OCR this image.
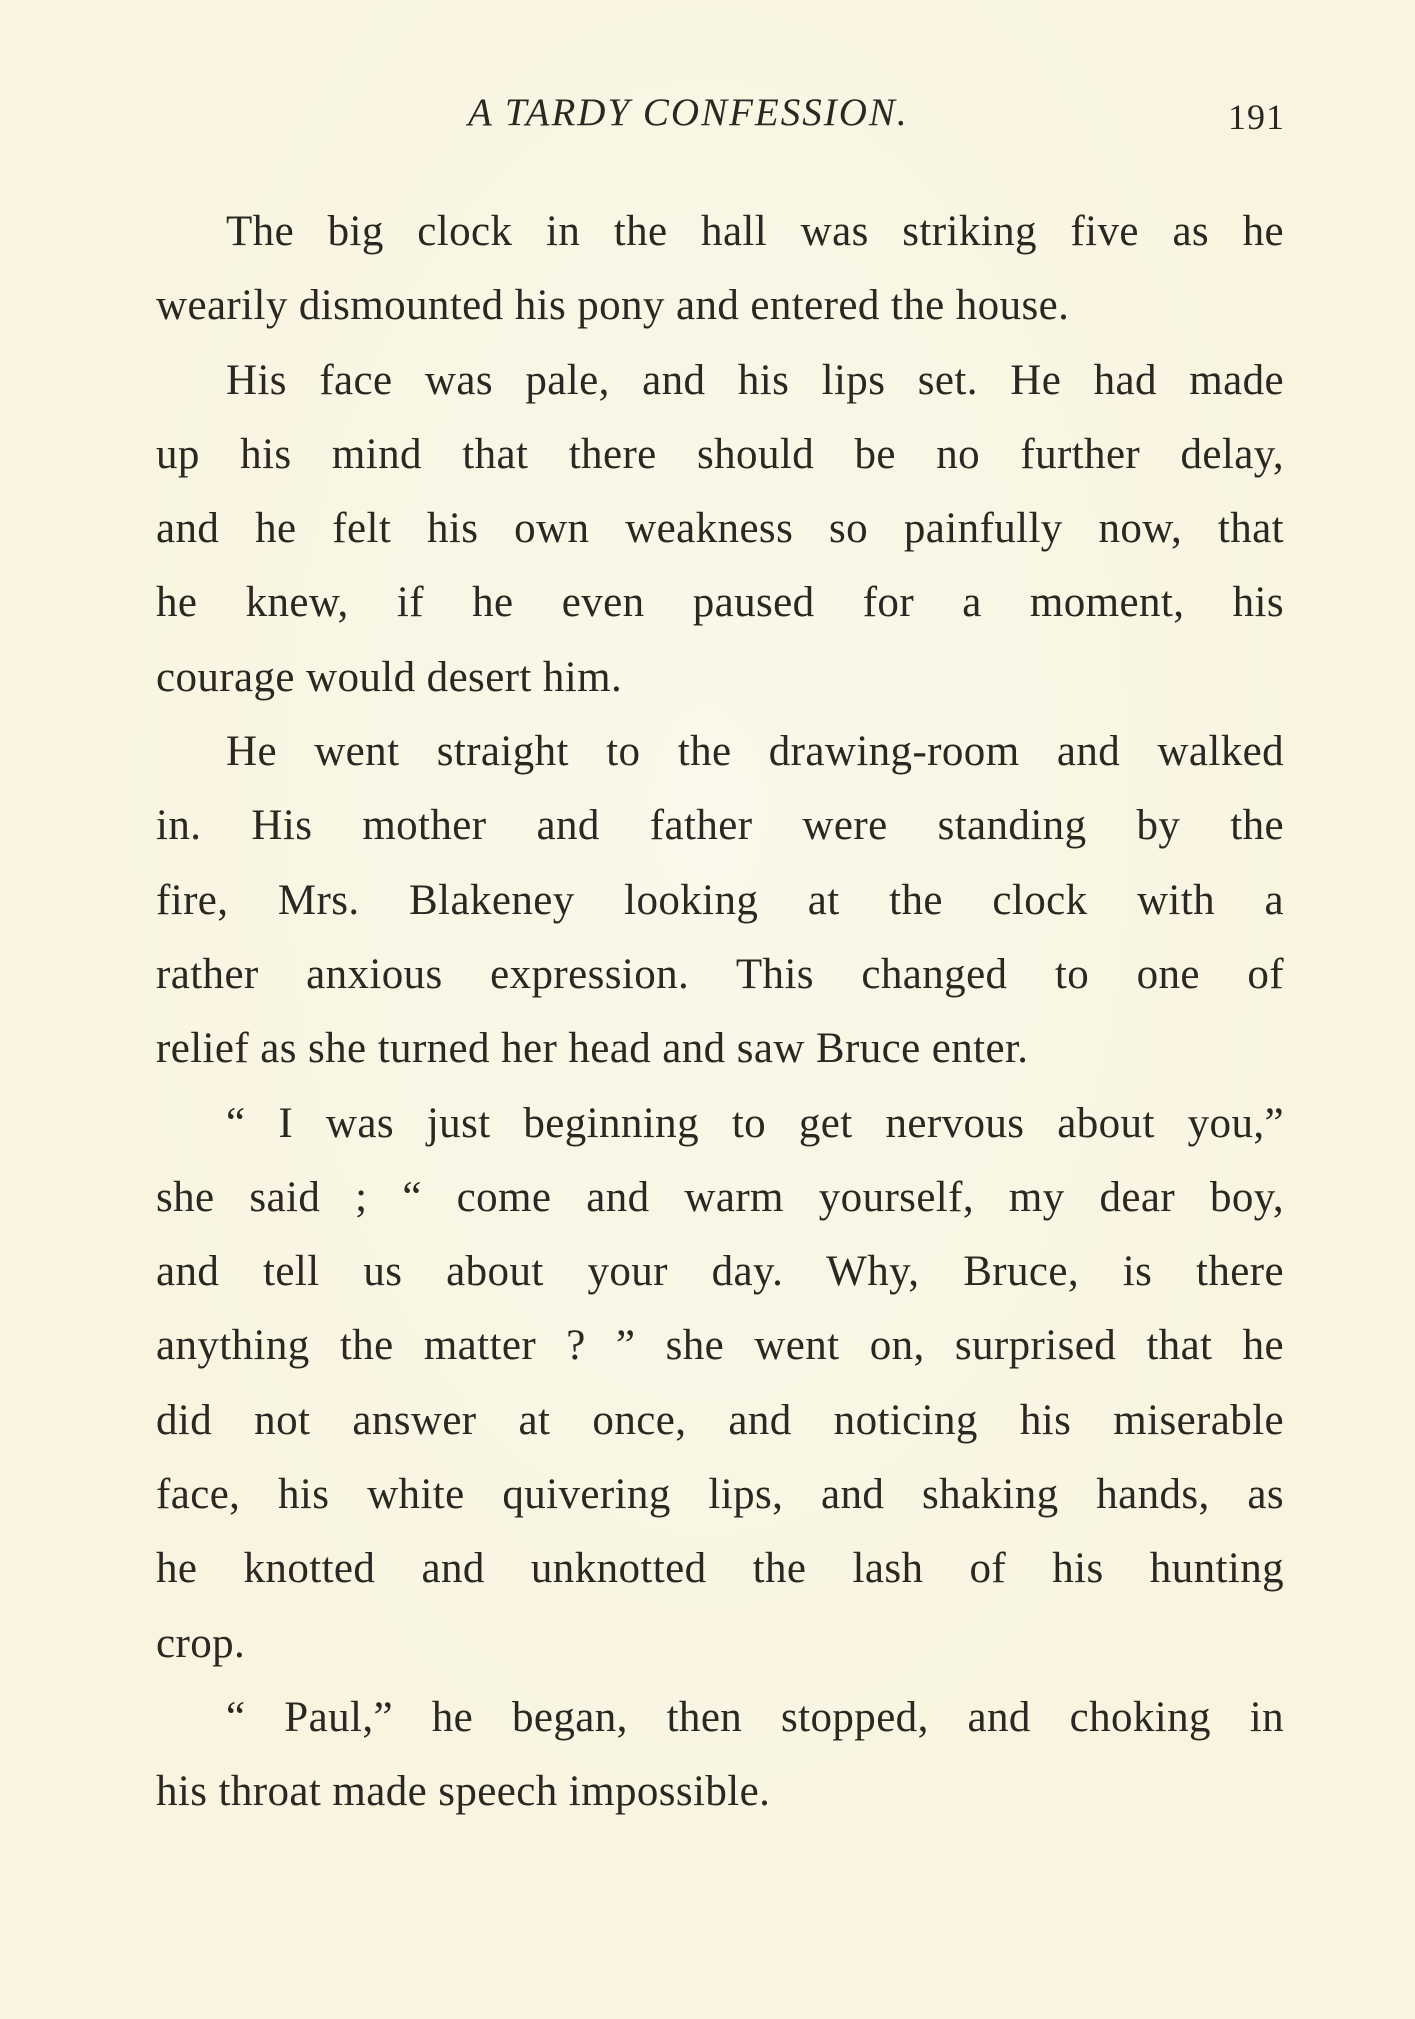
A TARDY CONFESSION.	191
The big clock in the hall was striking five as he
wearily dismounted his pony and entered the house.
His face was pale, and his lips set. He had made
up his mind that there should be no further delay,
and he felt his own weakness so painfully now, that
he knew, if he even paused for a moment, his
courage would desert him.
He went straight to the drawing-room and walked
in. His mother and father were standing by the
fire, Mrs. Blakeney looking at the clock with a
rather anxious expression. This changed to one of
relief as she turned her head and saw Bruce enter.
“ I was just beginning to get nervous about you,”
she said ; “ come and warm yourself, my dear boy,
and tell us about your day. Why, Bruce, is there
anything the matter ? ” she went on, surprised that he
did not answer at once, and noticing his miserable
face, his white quivering lips, and shaking hands, as
he knotted and unknotted the lash of his hunting
crop.
“ Paul,” he began, then stopped, and choking in
his throat made speech impossible.
